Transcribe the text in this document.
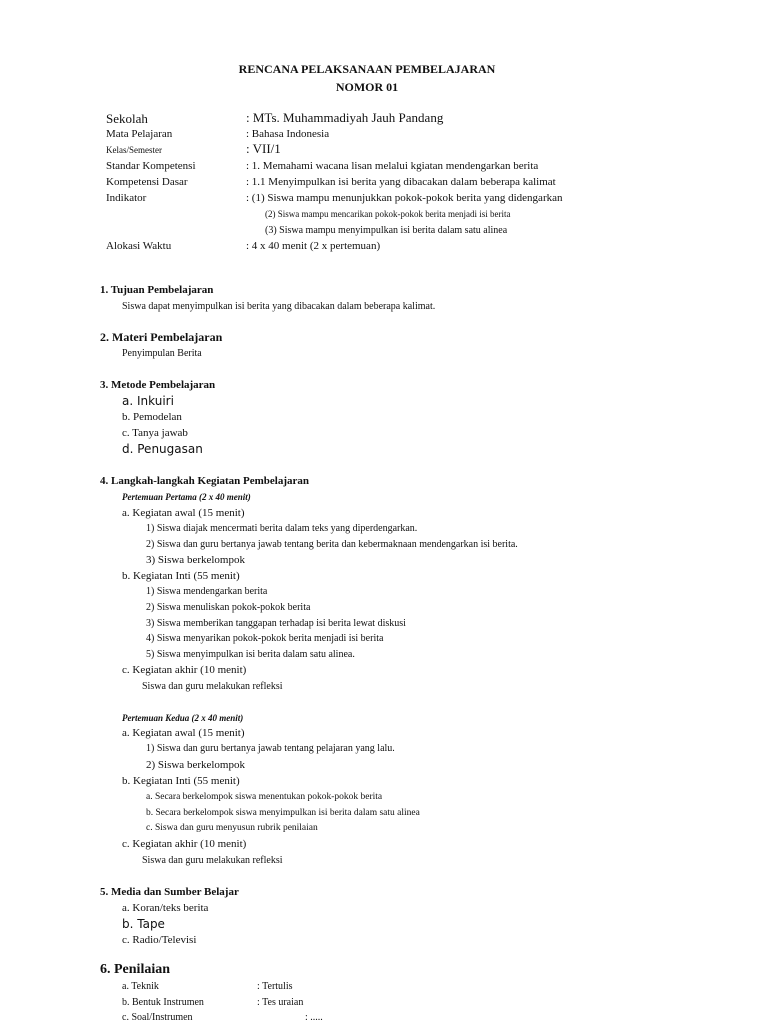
RENCANA PELAKSANAAN PEMBELAJARAN
NOMOR 01
Sekolah	: MTs. Muhammadiyah Jauh Pandang
Mata Pelajaran	: Bahasa Indonesia
Kelas/Semester	: VII/1
Standar Kompetensi	: 1. Memahami wacana lisan melalui kgiatan mendengarkan berita
Kompetensi Dasar	: 1.1 Menyimpulkan isi berita yang dibacakan dalam beberapa kalimat
Indikator	: (1) Siswa mampu menunjukkan pokok-pokok berita yang didengarkan
(2) Siswa mampu mencarikan pokok-pokok berita menjadi isi berita
(3) Siswa mampu menyimpulkan isi berita dalam satu alinea
Alokasi Waktu	: 4 x 40 menit (2 x pertemuan)
1. Tujuan Pembelajaran
Siswa dapat menyimpulkan isi berita yang dibacakan dalam beberapa kalimat.
2. Materi Pembelajaran
Penyimpulan Berita
3. Metode Pembelajaran
a. Inkuiri
b. Pemodelan
c. Tanya jawab
d. Penugasan
4. Langkah-langkah Kegiatan Pembelajaran
Pertemuan Pertama (2 x 40 menit)
a. Kegiatan awal (15 menit)
1) Siswa diajak mencermati berita dalam teks yang diperdengarkan.
2) Siswa dan guru bertanya jawab tentang berita dan kebermaknaan mendengarkan isi berita.
3) Siswa berkelompok
b. Kegiatan Inti (55 menit)
1) Siswa mendengarkan berita
2) Siswa menuliskan pokok-pokok berita
3) Siswa memberikan tanggapan terhadap isi berita lewat diskusi
4) Siswa menyarikan pokok-pokok berita menjadi isi berita
5) Siswa menyimpulkan isi berita dalam satu alinea.
c. Kegiatan akhir (10 menit)
Siswa dan guru melakukan refleksi
Pertemuan Kedua (2 x 40 menit)
a. Kegiatan awal (15 menit)
1) Siswa dan guru bertanya jawab tentang pelajaran yang lalu.
2) Siswa berkelompok
b. Kegiatan Inti (55 menit)
a. Secara berkelompok siswa menentukan pokok-pokok berita
b. Secara berkelompok siswa menyimpulkan isi berita dalam satu alinea
c. Siswa dan guru menyusun rubrik penilaian
c. Kegiatan akhir (10 menit)
Siswa dan guru melakukan refleksi
5. Media dan Sumber Belajar
a. Koran/teks berita
b. Tape
c. Radio/Televisi
6. Penilaian
a. Teknik	: Tertulis
b. Bentuk Instrumen	: Tes uraian
c. Soal/Instrumen	: .....
